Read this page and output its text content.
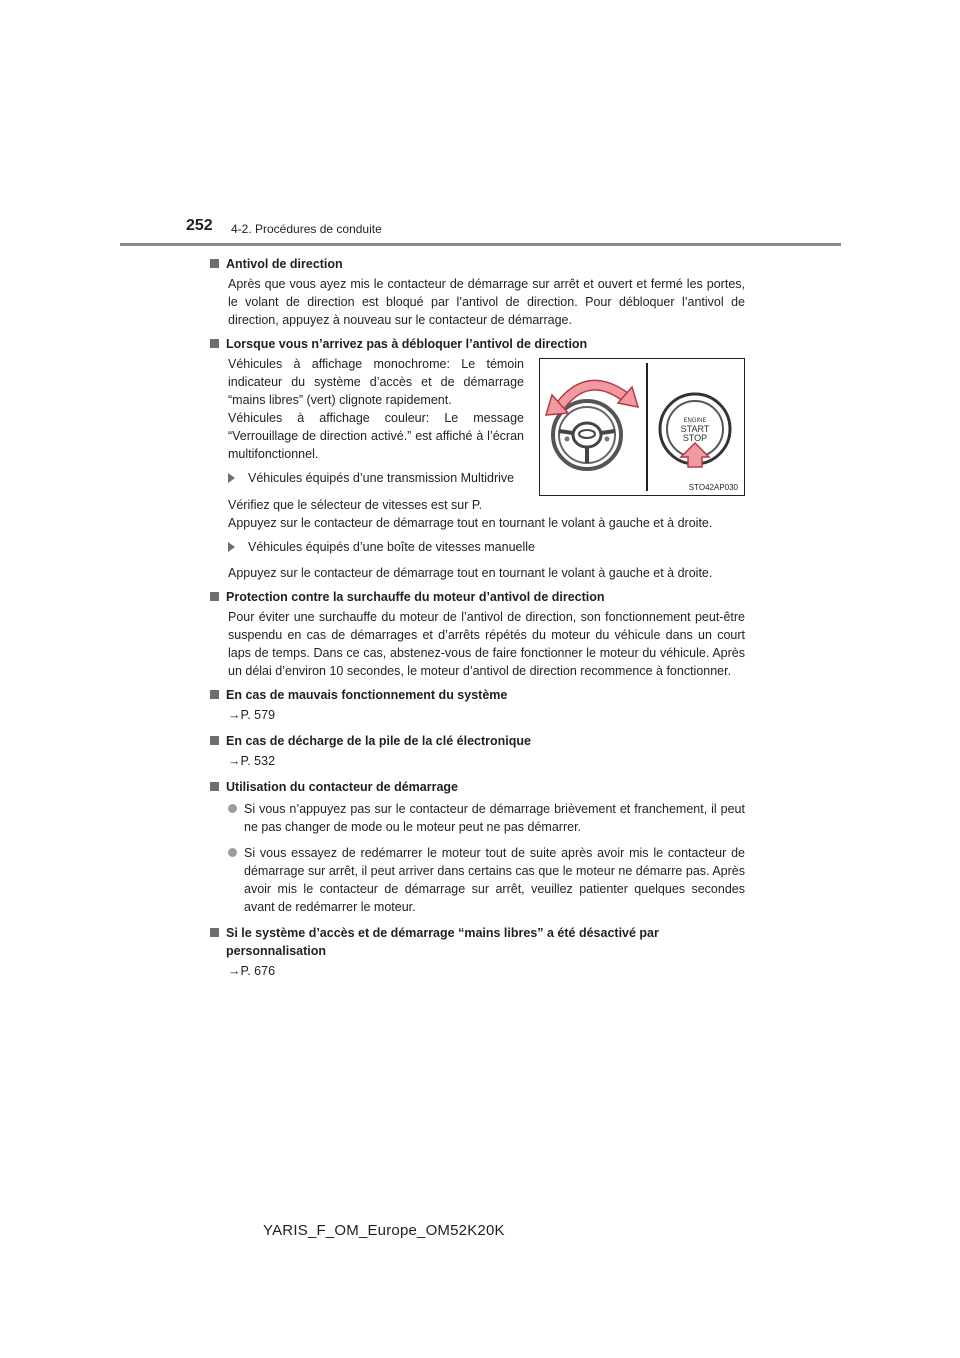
252 4-2. Procédures de conduite
Antivol de direction
Après que vous ayez mis le contacteur de démarrage sur arrêt et ouvert et fermé les portes, le volant de direction est bloqué par l’antivol de direction. Pour débloquer l’antivol de direction, appuyez à nouveau sur le contacteur de démarrage.
Lorsque vous n’arrivez pas à débloquer l’antivol de direction
Véhicules à affichage monochrome: Le témoin indicateur du système d’accès et de démarrage “mains libres” (vert) clignote rapidement.
Véhicules à affichage couleur: Le message “Verrouillage de direction activé.” est affiché à l’écran multifonctionnel.
Véhicules équipés d’une transmission Multidrive
ENGINE
START
STOP
STO42AP030
Vérifiez que le sélecteur de vitesses est sur P.
Appuyez sur le contacteur de démarrage tout en tournant le volant à gauche et à droite.
Véhicules équipés d’une boîte de vitesses manuelle
Appuyez sur le contacteur de démarrage tout en tournant le volant à gauche et à droite.
Protection contre la surchauffe du moteur d’antivol de direction
Pour éviter une surchauffe du moteur de l’antivol de direction, son fonctionnement peut-être suspendu en cas de démarrages et d’arrêts répétés du moteur du véhicule dans un court laps de temps. Dans ce cas, abstenez-vous de faire fonctionner le moteur du véhicule. Après un délai d’environ 10 secondes, le moteur d’antivol de direction recommence à fonctionner.
En cas de mauvais fonctionnement du système
→P. 579
En cas de décharge de la pile de la clé électronique
→P. 532
Utilisation du contacteur de démarrage
Si vous n’appuyez pas sur le contacteur de démarrage brièvement et franchement, il peut ne pas changer de mode ou le moteur peut ne pas démarrer.
Si vous essayez de redémarrer le moteur tout de suite après avoir mis le contacteur de démarrage sur arrêt, il peut arriver dans certains cas que le moteur ne démarre pas. Après avoir mis le contacteur de démarrage sur arrêt, veuillez patienter quelques secondes avant de redémarrer le moteur.
Si le système d’accès et de démarrage “mains libres” a été désactivé par personnalisation
→P. 676
YARIS_F_OM_Europe_OM52K20K
